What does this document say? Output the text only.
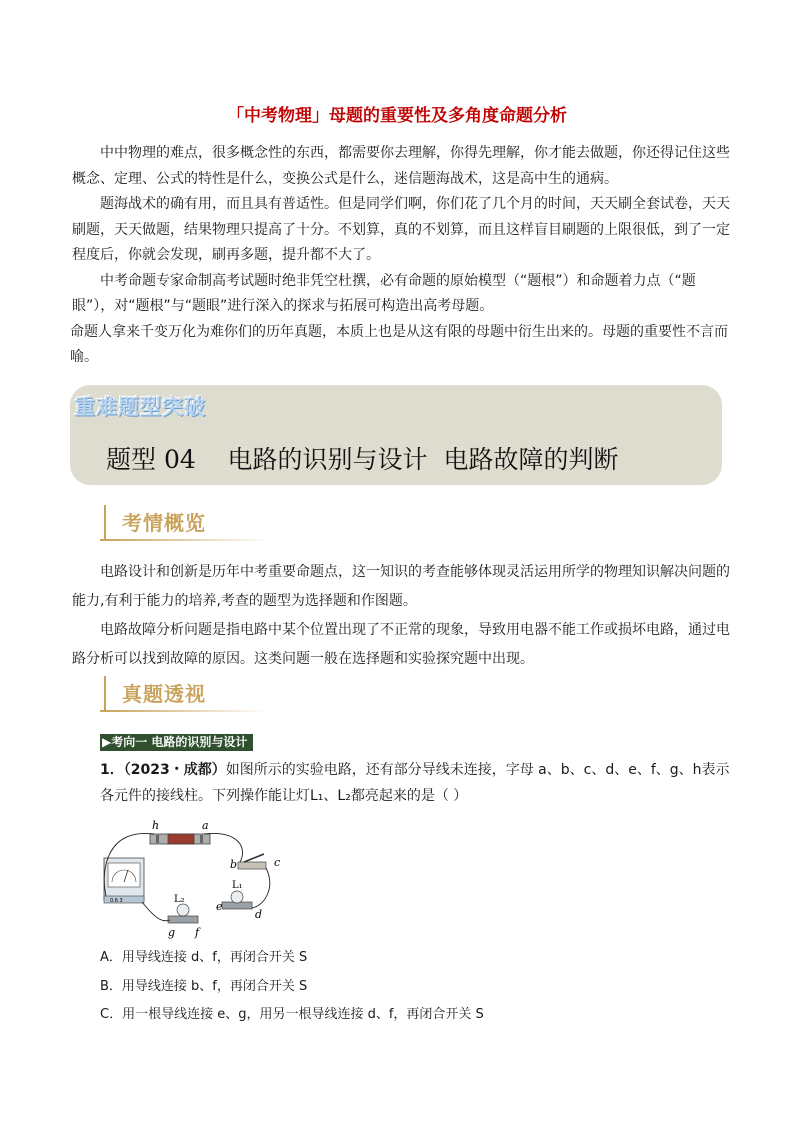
「中考物理」母题的重要性及多角度命题分析

中中物理的难点，很多概念性的东西，都需要你去理解，你得先理解，你才能去做题，你还得记住这些概念、定理、公式的特性是什么，变换公式是什么，迷信题海战术，这是高中生的通病。

题海战术的确有用，而且具有普适性。但是同学们啊，你们花了几个月的时间，天天刷全套试卷，天天刷题，天天做题，结果物理只提高了十分。不划算，真的不划算，而且这样盲目刷题的上限很低，到了一定程度后，你就会发现，刷再多题，提升都不大了。

中考命题专家命制高考试题时绝非凭空杜撰，必有命题的原始模型（“题根”）和命题着力点（“题眼”），对“题根”与“题眼”进行深入的探求与拓展可构造出高考母题。

命题人拿来千变万化为难你们的历年真题，本质上也是从这有限的母题中衍生出来的。母题的重要性不言而喻。

重难题型突破
题型 04    电路的识别与设计  电路故障的判断
考情概览

电路设计和创新是历年中考重要命题点，这一知识的考查能够体现灵活运用所学的物理知识解决问题的能力,有利于能力的培养,考查的题型为选择题和作图题。

电路故障分析问题是指电路中某个位置出现了不正常的现象，导致用电器不能工作或损坏电路，通过电路分析可以找到故障的原因。这类问题一般在选择题和实验探究题中出现。

真题透视
▶考向一 电路的识别与设计

1．（2023・成都）如图所示的实验电路，还有部分导线未连接，字母 a、b、c、d、e、f、g、h表示

各元件的接线柱。下列操作能让灯L₁、L₂都亮起来的是（ ）

0.6 3
h	a
b	c
L₁
e
d
L₂
g f
A．用导线连接 d、f，再闭合开关 S
B．用导线连接 b、f，再闭合开关 S
C．用一根导线连接 e、g，用另一根导线连接 d、f，再闭合开关 S
